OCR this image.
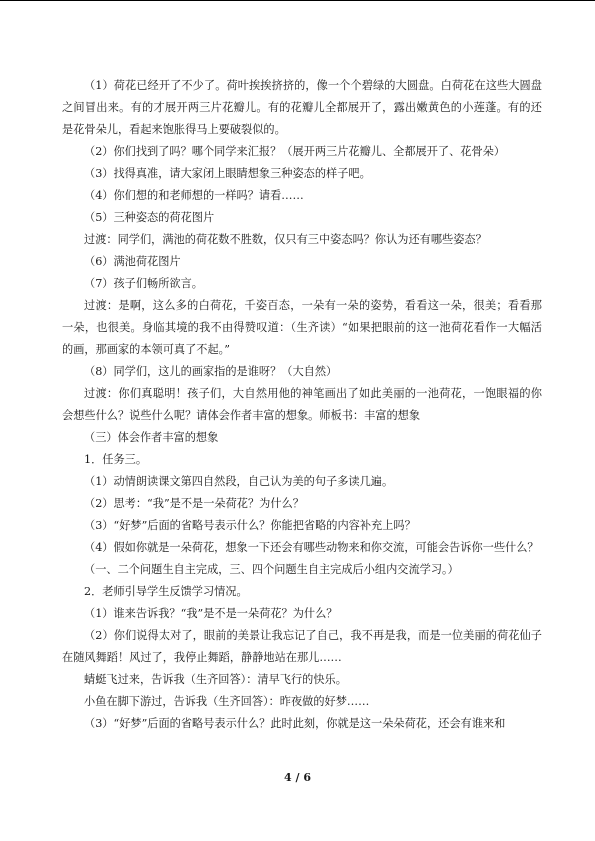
（1）荷花已经开了不少了。荷叶挨挨挤挤的，像一个个碧绿的大圆盘。白荷花在这些大圆盘之间冒出来。有的才展开两三片花瓣儿。有的花瓣儿全都展开了，露出嫩黄色的小莲蓬。有的还是花骨朵儿，看起来饱胀得马上要破裂似的。

（2）你们找到了吗？哪个同学来汇报？（展开两三片花瓣儿、全都展开了、花骨朵）

（3）找得真准，请大家闭上眼睛想象三种姿态的样子吧。

（4）你们想的和老师想的一样吗？请看……

（5）三种姿态的荷花图片

过渡：同学们，满池的荷花数不胜数，仅只有三中姿态吗？你认为还有哪些姿态？

（6）满池荷花图片

（7）孩子们畅所欲言。

过渡：是啊，这么多的白荷花，千姿百态，一朵有一朵的姿势，看看这一朵，很美；看看那一朵，也很美。身临其境的我不由得赞叹道：（生齐读）“如果把眼前的这一池荷花看作一大幅活的画，那画家的本领可真了不起。”

（8）同学们，这儿的画家指的是谁呀？（大自然）

过渡：你们真聪明！孩子们，大自然用他的神笔画出了如此美丽的一池荷花，一饱眼福的你会想些什么？说些什么呢？请体会作者丰富的想象。师板书：丰富的想象

（三）体会作者丰富的想象

1．任务三。

（1）动情朗读课文第四自然段，自己认为美的句子多读几遍。

（2）思考：“我”是不是一朵荷花？为什么？

（3）“好梦”后面的省略号表示什么？你能把省略的内容补充上吗？

（4）假如你就是一朵荷花，想象一下还会有哪些动物来和你交流，可能会告诉你一些什么？

（一、二个问题生自主完成，三、四个问题生自主完成后小组内交流学习。）

2．老师引导学生反馈学习情况。

（1）谁来告诉我？“我”是不是一朵荷花？为什么？

（2）你们说得太对了，眼前的美景让我忘记了自己，我不再是我，而是一位美丽的荷花仙子在随风舞蹈！风过了，我停止舞蹈，静静地站在那儿……

蜻蜓飞过来，告诉我（生齐回答）：清早飞行的快乐。

小鱼在脚下游过，告诉我（生齐回答）：昨夜做的好梦……

（3）“好梦”后面的省略号表示什么？此时此刻，你就是这一朵朵荷花，还会有谁来和

4 / 6
